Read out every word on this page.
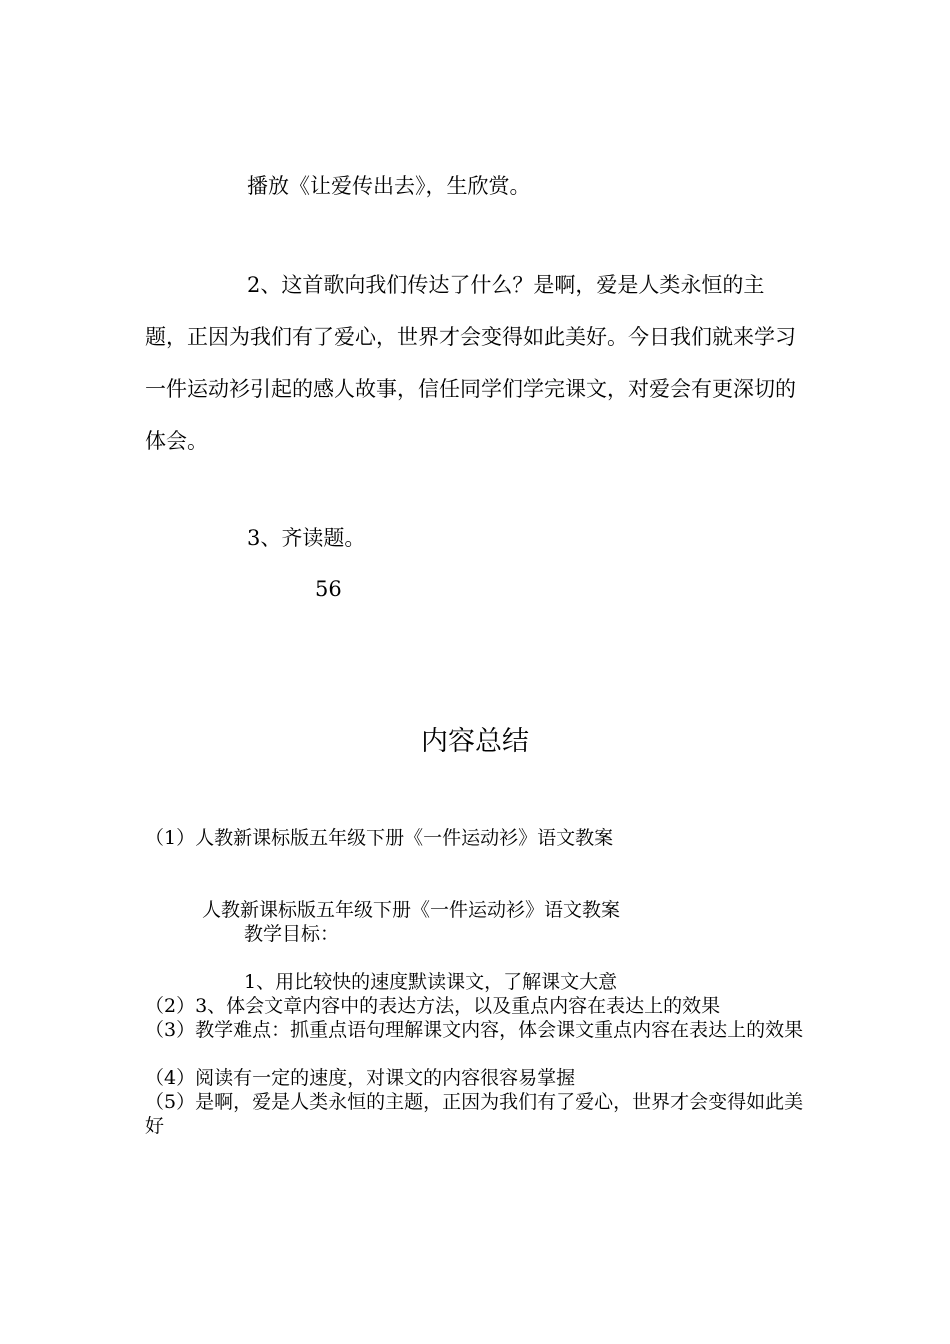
播放《让爱传出去》，生欣赏。
2、这首歌向我们传达了什么？是啊，爱是人类永恒的主题，正因为我们有了爱心，世界才会变得如此美好。今日我们就来学习一件运动衫引起的感人故事，信任同学们学完课文，对爱会有更深切的体会。
3、齐读题。
56
内容总结
（1）人教新课标版五年级下册《一件运动衫》语文教案
人教新课标版五年级下册《一件运动衫》语文教案
教学目标：
1、用比较快的速度默读课文，了解课文大意
（2）3、体会文章内容中的表达方法，以及重点内容在表达上的效果
（3）教学难点：抓重点语句理解课文内容，体会课文重点内容在表达上的效果
（4）阅读有一定的速度，对课文的内容很容易掌握
（5）是啊，爱是人类永恒的主题，正因为我们有了爱心，世界才会变得如此美好
